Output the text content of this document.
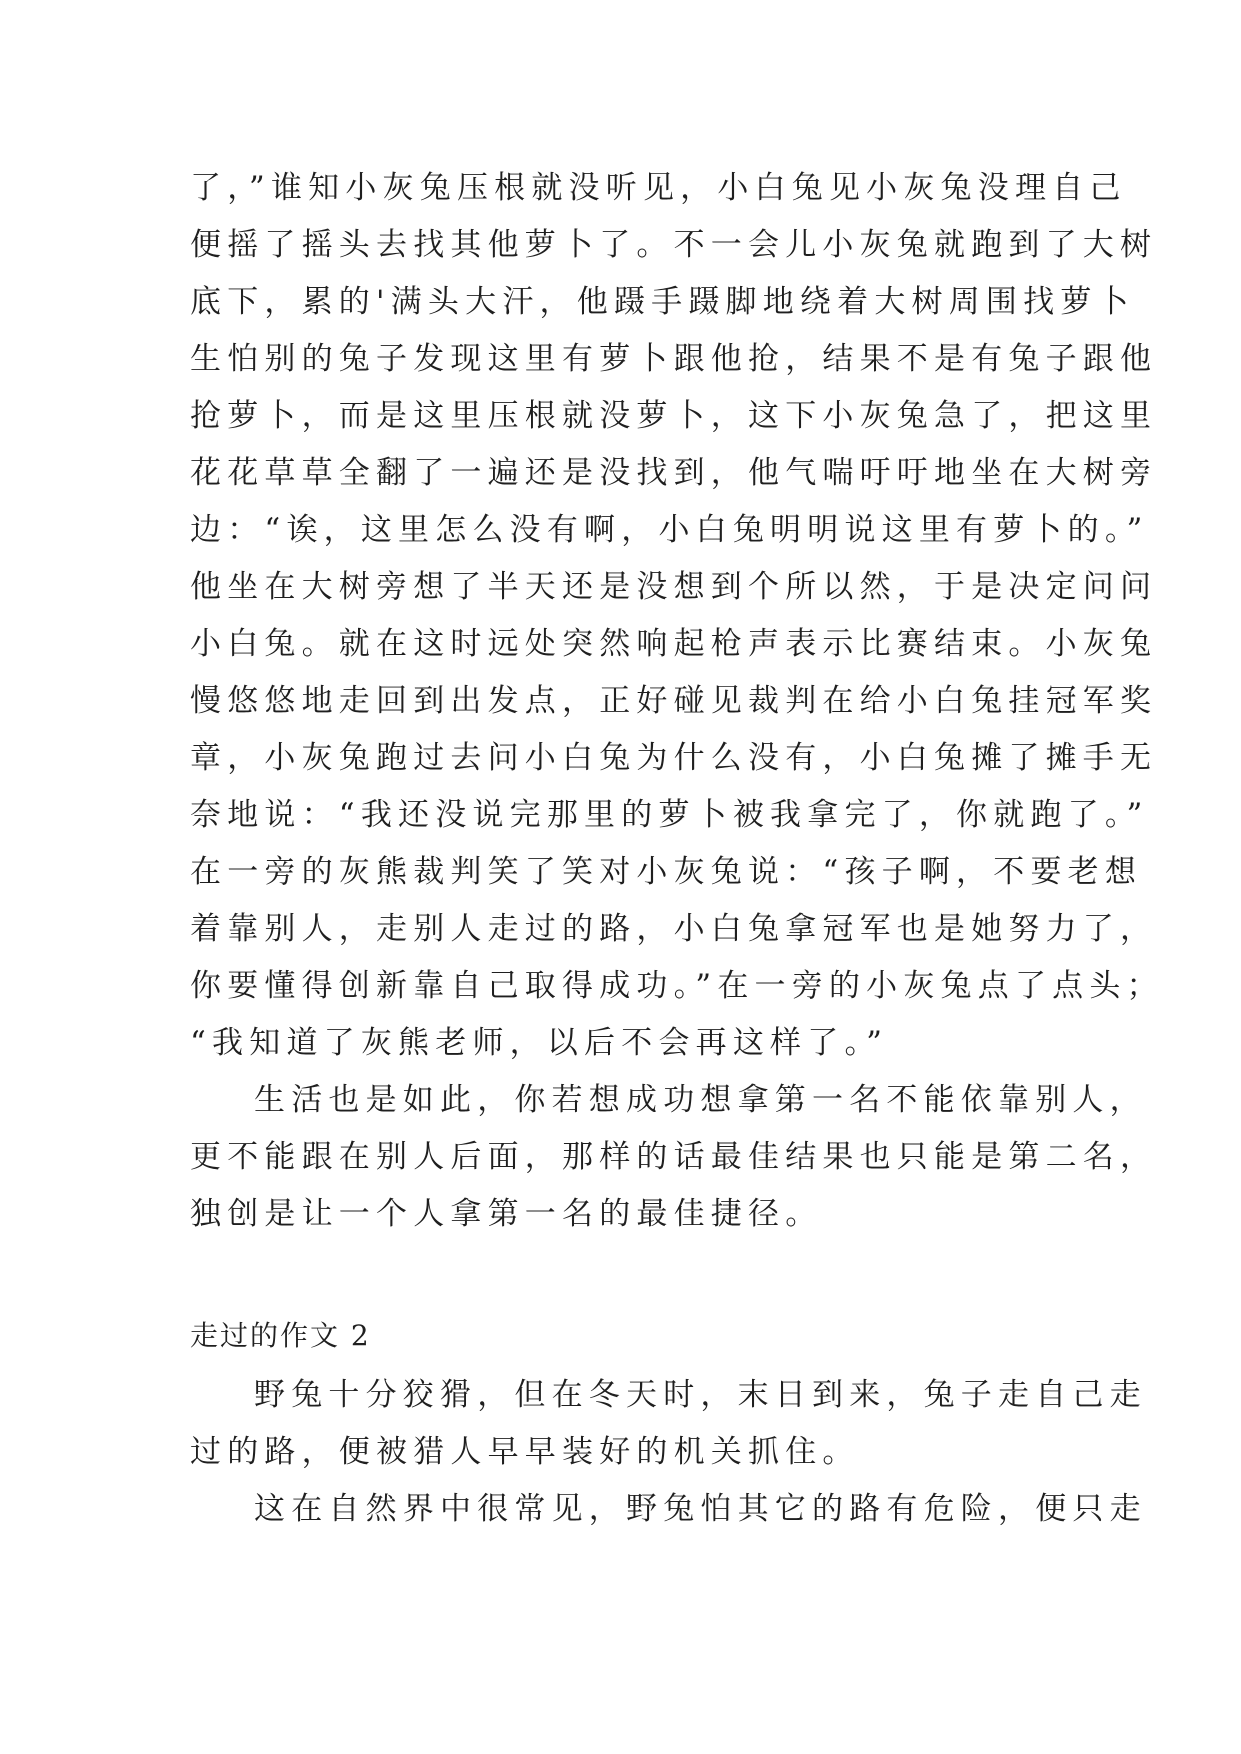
了，”谁知小灰兔压根就没听见，小白兔见小灰兔没理自己
便摇了摇头去找其他萝卜了。不一会儿小灰兔就跑到了大树
底下，累的'满头大汗，他蹑手蹑脚地绕着大树周围找萝卜
生怕别的兔子发现这里有萝卜跟他抢，结果不是有兔子跟他
抢萝卜，而是这里压根就没萝卜，这下小灰兔急了，把这里
花花草草全翻了一遍还是没找到，他气喘吁吁地坐在大树旁
边：“诶，这里怎么没有啊，小白兔明明说这里有萝卜的。”
他坐在大树旁想了半天还是没想到个所以然，于是决定问问
小白兔。就在这时远处突然响起枪声表示比赛结束。小灰兔
慢悠悠地走回到出发点，正好碰见裁判在给小白兔挂冠军奖
章，小灰兔跑过去问小白兔为什么没有，小白兔摊了摊手无
奈地说：“我还没说完那里的萝卜被我拿完了，你就跑了。”
在一旁的灰熊裁判笑了笑对小灰兔说：“孩子啊，不要老想
着靠别人，走别人走过的路，小白兔拿冠军也是她努力了，
你要懂得创新靠自己取得成功。”在一旁的小灰兔点了点头；
“我知道了灰熊老师，以后不会再这样了。”
生活也是如此，你若想成功想拿第一名不能依靠别人，
更不能跟在别人后面，那样的话最佳结果也只能是第二名，
独创是让一个人拿第一名的最佳捷径。
走过的作文 2
野兔十分狡猾，但在冬天时，末日到来，兔子走自己走
过的路，便被猎人早早装好的机关抓住。
这在自然界中很常见，野兔怕其它的路有危险，便只走
